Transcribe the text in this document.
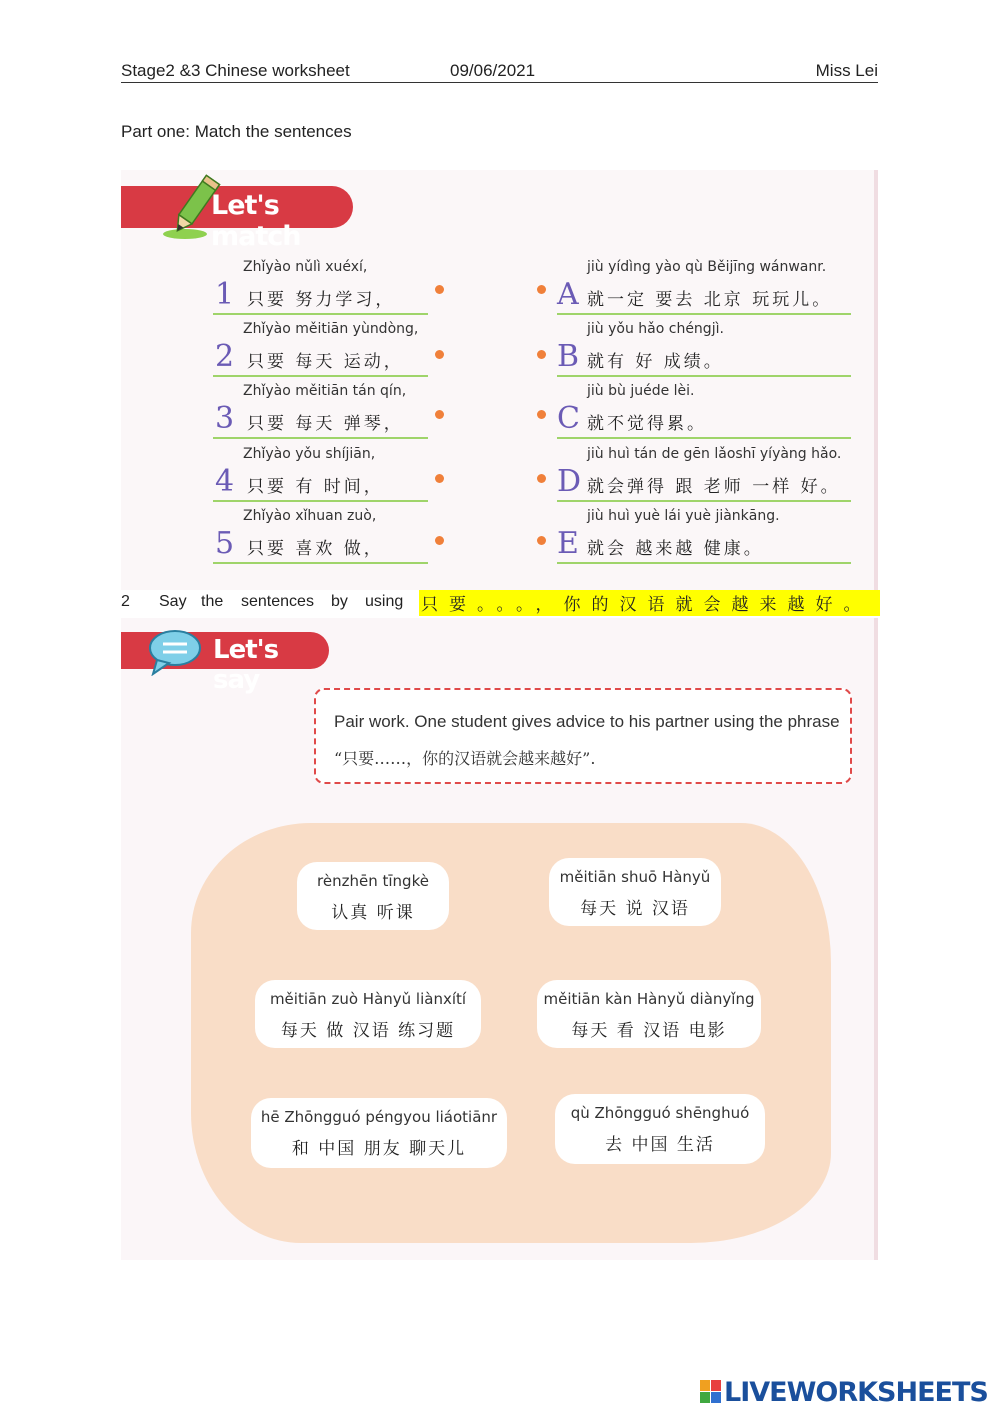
Stage2 &3 Chinese worksheet	09/06/2021	Miss Lei
Part one: Match the sentences
Let's match
Zhǐyào nǔlì xuéxí,
1 只要 努力学习，
Zhǐyào měitiān yùndòng,
2 只要 每天 运动，
Zhǐyào měitiān tán qín,
3 只要 每天 弹琴，
Zhǐyào yǒu shíjiān,
4 只要 有 时间，
Zhǐyào xǐhuan zuò,
5 只要 喜欢 做，
jiù yídìng yào qù Běijīng wánwanr.
A 就一定 要去 北京 玩玩儿。
jiù yǒu hǎo chéngjì.
B 就有 好 成绩。
jiù bù juéde lèi.
C 就不觉得累。
jiù huì tán de gēn lǎoshī yíyàng hǎo.
D 就会弹得 跟 老师 一样 好。
jiù huì yuè lái yuè jiànkāng.
E 就会 越来越 健康。
2 Say the sentences by using 只要。。。，你的汉语就会越来越好。
Let's say
Pair work. One student gives advice to his partner using the phrase
“只要……，你的汉语就会越来越好”.
rènzhēn tīngkè
认真 听课
měitiān shuō Hànyǔ
每天 说 汉语
měitiān zuò Hànyǔ liànxítí
每天 做 汉语 练习题
měitiān kàn Hànyǔ diànyǐng
每天 看 汉语 电影
hē Zhōngguó péngyou liáotiānr
和 中国 朋友 聊天儿
qù Zhōngguó shēnghuó
去 中国 生活
LIVEWORKSHEETS
